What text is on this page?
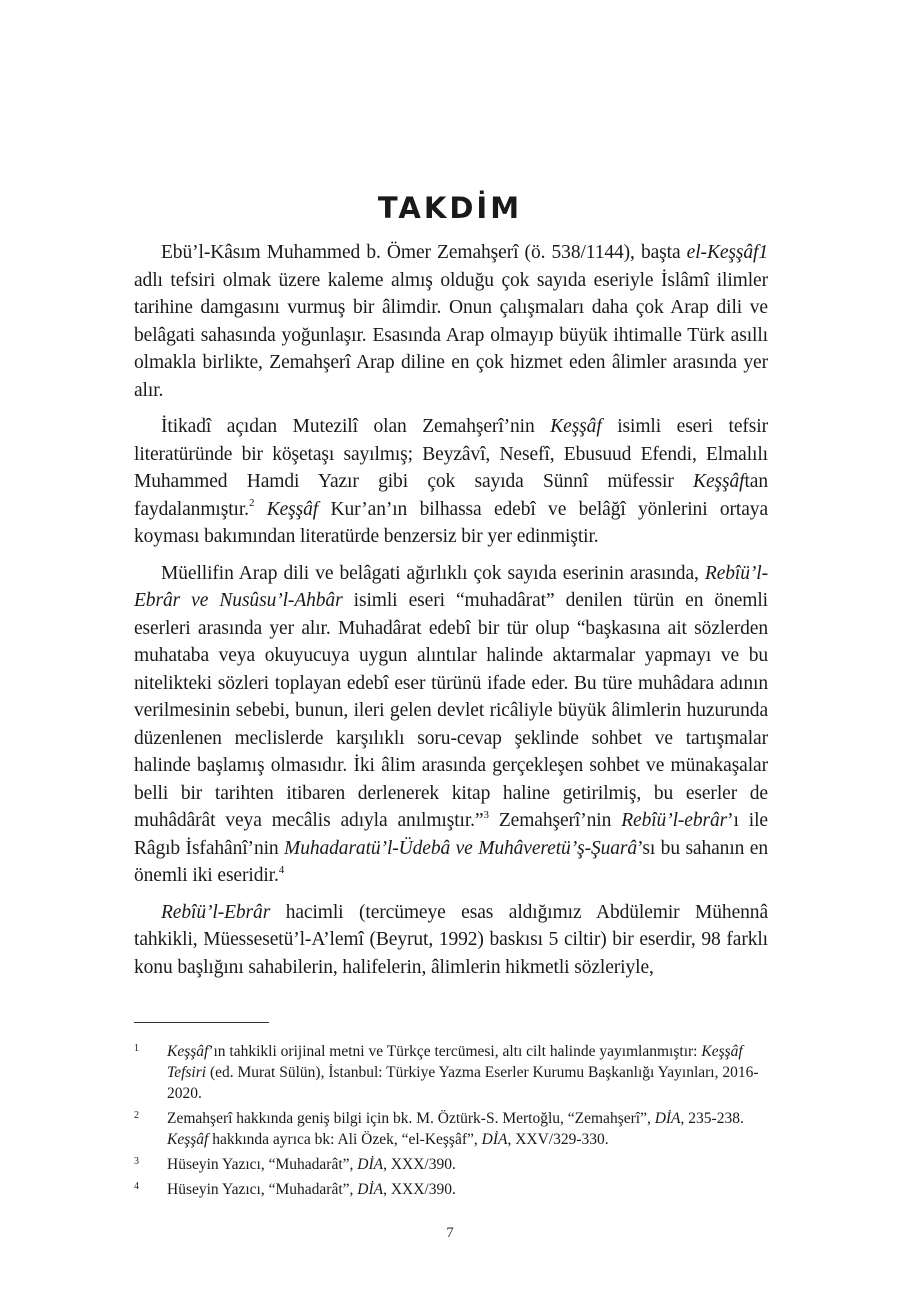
TAKDİM

Ebü’l-Kâsım Muhammed b. Ömer Zemahşerî (ö. 538/1144), başta el-Keşşâf1 adlı tefsiri olmak üzere kaleme almış olduğu çok sayıda eseriyle İslâmî ilimler tarihine damgasını vurmuş bir âlimdir. Onun çalışmaları daha çok Arap dili ve belâgati sahasında yoğunlaşır. Esasında Arap olmayıp büyük ihtimalle Türk asıllı olmakla birlikte, Zemahşerî Arap diline en çok hizmet eden âlimler arasında yer alır.

İtikadî açıdan Mutezilî olan Zemahşerî’nin Keşşâf isimli eseri tefsir literatüründe bir köşetaşı sayılmış; Beyzâvî, Nesefî, Ebusuud Efendi, Elmalılı Muhammed Hamdi Yazır gibi çok sayıda Sünnî müfessir Keşşâftan faydalanmıştır.$^2$ Keşşâf Kur’an’ın bilhassa edebî ve belâğî yönlerini ortaya koyması bakımından literatürde benzersiz bir yer edinmiştir.

Müellifin Arap dili ve belâgati ağırlıklı çok sayıda eserinin arasında, Rebîü’l-Ebrâr ve Nusûsu’l-Ahbâr isimli eseri “muhadârat” denilen türün en önemli eserleri arasında yer alır. Muhadârat edebî bir tür olup “başkasına ait sözlerden muhataba veya okuyucuya uygun alıntılar halinde aktarmalar yapmayı ve bu nitelikteki sözleri toplayan edebî eser türünü ifade eder. Bu türe muhâdara adının verilmesinin sebebi, bunun, ileri gelen devlet ricâliyle büyük âlimlerin huzurunda düzenlenen meclislerde karşılıklı soru-cevap şeklinde sohbet ve tartışmalar halinde başlamış olmasıdır. İki âlim arasında gerçekleşen sohbet ve münakaşalar belli bir tarihten itibaren derlenerek kitap haline getirilmiş, bu eserler de muhâdârât veya mecâlis adıyla anılmıştır.”$^3$ Zemahşerî’nin Rebîü’l-ebrâr’ı ile Râgıb İsfahânî’nin Muhadaratü’l-Üdebâ ve Muhâveretü’ş-Şuarâ’sı bu sahanın en önemli iki eseridir.$^4$

Rebîü’l-Ebrâr hacimli (tercümeye esas aldığımız Abdülemir Mühennâ tahkikli, Müessesetü’l-A’lemî (Beyrut, 1992) baskısı 5 ciltir) bir eserdir, 98 farklı konu başlığını sahabilerin, halifelerin, âlimlerin hikmetli sözleriyle,

1	Keşşâf’ın tahkikli orijinal metni ve Türkçe tercümesi, altı cilt halinde yayımlanmıştır: Keşşâf Tefsiri (ed. Murat Sülün), İstanbul: Türkiye Yazma Eserler Kurumu Başkanlığı Yayınları, 2016-2020.
2	Zemahşerî hakkında geniş bilgi için bk. M. Öztürk-S. Mertoğlu, “Zemahşerî”, DİA, 235-238. Keşşâf hakkında ayrıca bk: Ali Özek, “el-Keşşâf”, DİA, XXV/329-330.
3	Hüseyin Yazıcı, “Muhadarât”, DİA, XXX/390.
4	Hüseyin Yazıcı, “Muhadarât”, DİA, XXX/390.
7
